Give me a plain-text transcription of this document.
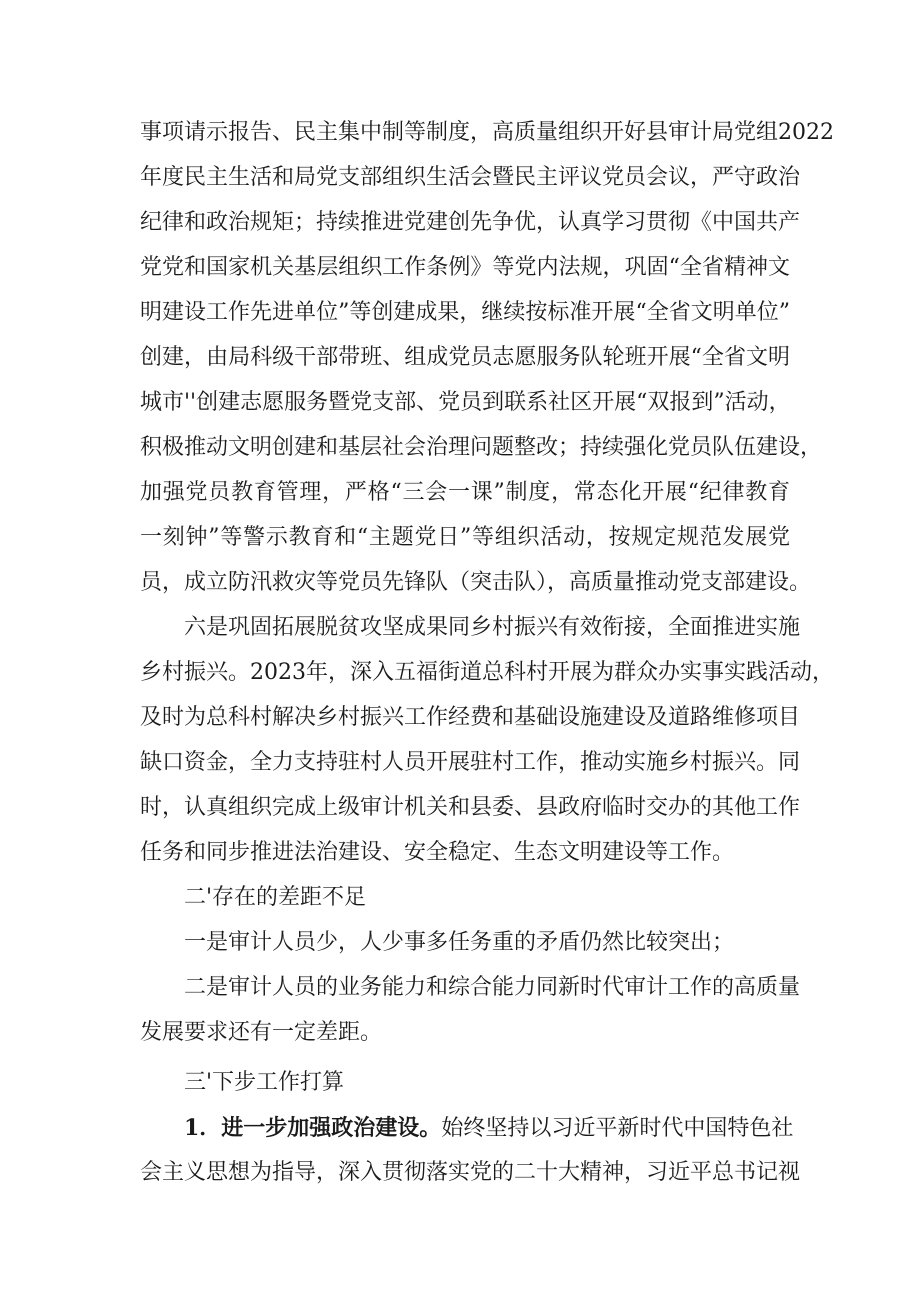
事项请示报告、民主集中制等制度，高质量组织开好县审计局党组2022
年度民主生活和局党支部组织生活会暨民主评议党员会议，严守政治
纪律和政治规矩；持续推进党建创先争优，认真学习贯彻《中国共产
党党和国家机关基层组织工作条例》等党内法规，巩固“全省精神文
明建设工作先进单位”等创建成果，继续按标准开展“全省文明单位”
创建，由局科级干部带班、组成党员志愿服务队轮班开展“全省文明
城市''创建志愿服务暨党支部、党员到联系社区开展“双报到”活动，
积极推动文明创建和基层社会治理问题整改；持续强化党员队伍建设，
加强党员教育管理，严格“三会一课”制度，常态化开展“纪律教育
一刻钟”等警示教育和“主题党日”等组织活动，按规定规范发展党
员，成立防汛救灾等党员先锋队（突击队），高质量推动党支部建设。
六是巩固拓展脱贫攻坚成果同乡村振兴有效衔接，全面推进实施
乡村振兴。2023年，深入五福街道总科村开展为群众办实事实践活动，
及时为总科村解决乡村振兴工作经费和基础设施建设及道路维修项目
缺口资金，全力支持驻村人员开展驻村工作，推动实施乡村振兴。同
时，认真组织完成上级审计机关和县委、县政府临时交办的其他工作
任务和同步推进法治建设、安全稳定、生态文明建设等工作。
二'存在的差距不足
一是审计人员少，人少事多任务重的矛盾仍然比较突出；
二是审计人员的业务能力和综合能力同新时代审计工作的高质量
发展要求还有一定差距。
三'下步工作打算
1．进一步加强政治建设。始终坚持以习近平新时代中国特色社
会主义思想为指导，深入贯彻落实党的二十大精神，习近平总书记视
